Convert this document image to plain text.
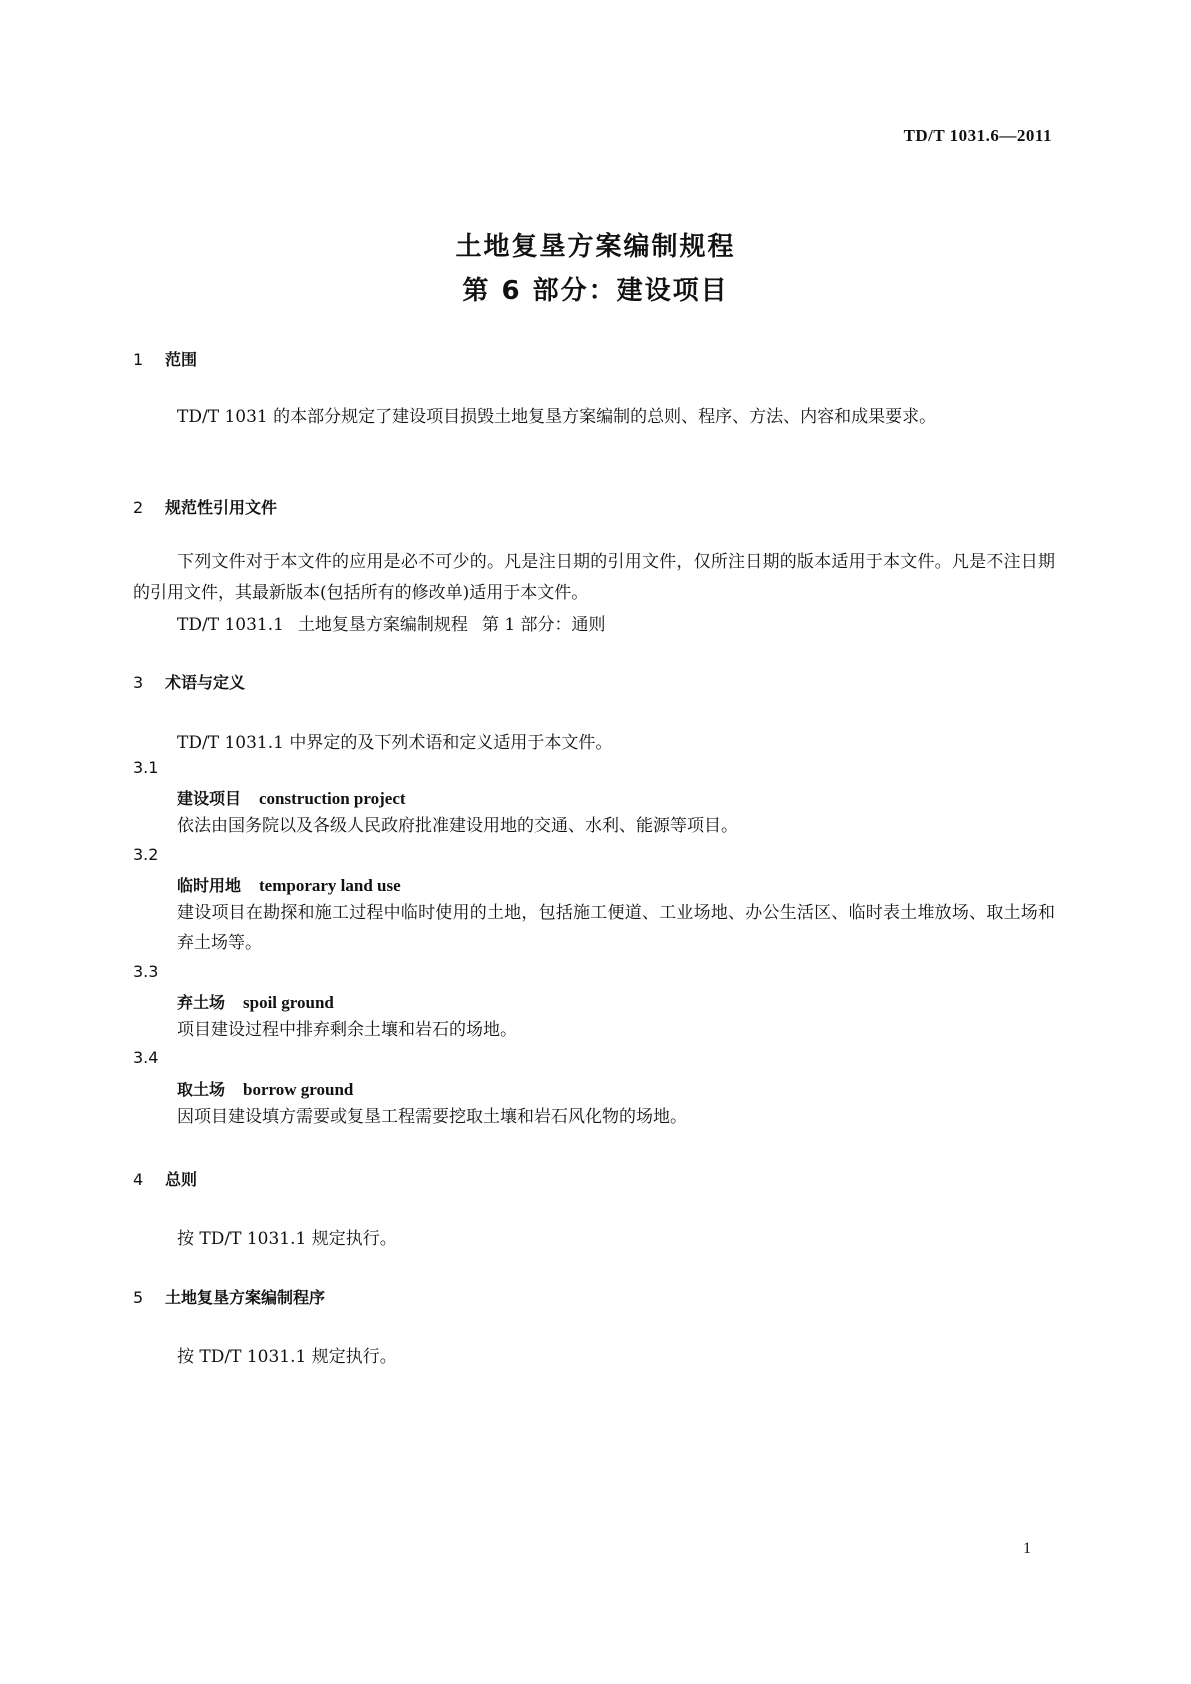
TD/T 1031.6—2011
土地复垦方案编制规程
第 6 部分：建设项目
1 范围
TD/T 1031 的本部分规定了建设项目损毁土地复垦方案编制的总则、程序、方法、内容和成果要求。
2 规范性引用文件
下列文件对于本文件的应用是必不可少的。凡是注日期的引用文件，仅所注日期的版本适用于本文件。凡是不注日期的引用文件，其最新版本(包括所有的修改单)适用于本文件。
TD/T 1031.1 土地复垦方案编制规程 第 1 部分：通则
3 术语与定义
TD/T 1031.1 中界定的及下列术语和定义适用于本文件。
3.1
建设项目 construction project
依法由国务院以及各级人民政府批准建设用地的交通、水利、能源等项目。
3.2
临时用地 temporary land use
建设项目在勘探和施工过程中临时使用的土地，包括施工便道、工业场地、办公生活区、临时表土堆放场、取土场和弃土场等。
3.3
弃土场 spoil ground
项目建设过程中排弃剩余土壤和岩石的场地。
3.4
取土场 borrow ground
因项目建设填方需要或复垦工程需要挖取土壤和岩石风化物的场地。
4 总则
按 TD/T 1031.1 规定执行。
5 土地复垦方案编制程序
按 TD/T 1031.1 规定执行。
1
